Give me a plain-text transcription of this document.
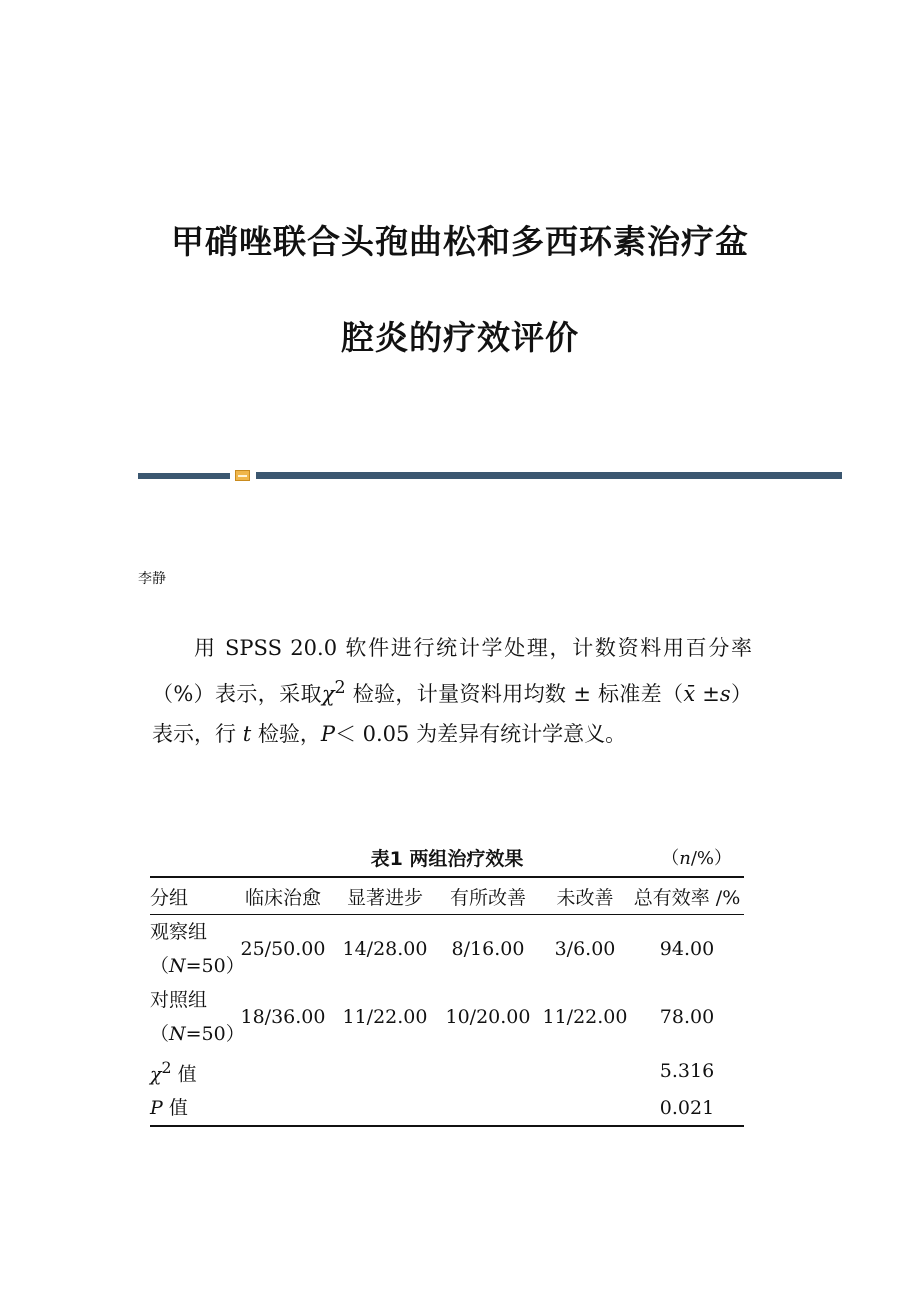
甲硝唑联合头孢曲松和多西环素治疗盆
腔炎的疗效评价
李静
用 SPSS 20.0 软件进行统计学处理，计数资料用百分率（%）表示，采取$\chi^2$ 检验，计量资料用均数 ± 标准差（x̄ ±s）表示，行 t 检验，P＜ 0.05 为差异有统计学意义。
表1 两组治疗效果	（n/%）
分组	临床治愈	显著进步	有所改善	未改善	总有效率 /%
观察组
（N=50）	25/50.00	14/28.00	8/16.00	3/6.00	94.00
对照组
（N=50）	18/36.00	11/22.00	10/20.00	11/22.00	78.00
$\chi^2$ 值					5.316
P 值					0.021
